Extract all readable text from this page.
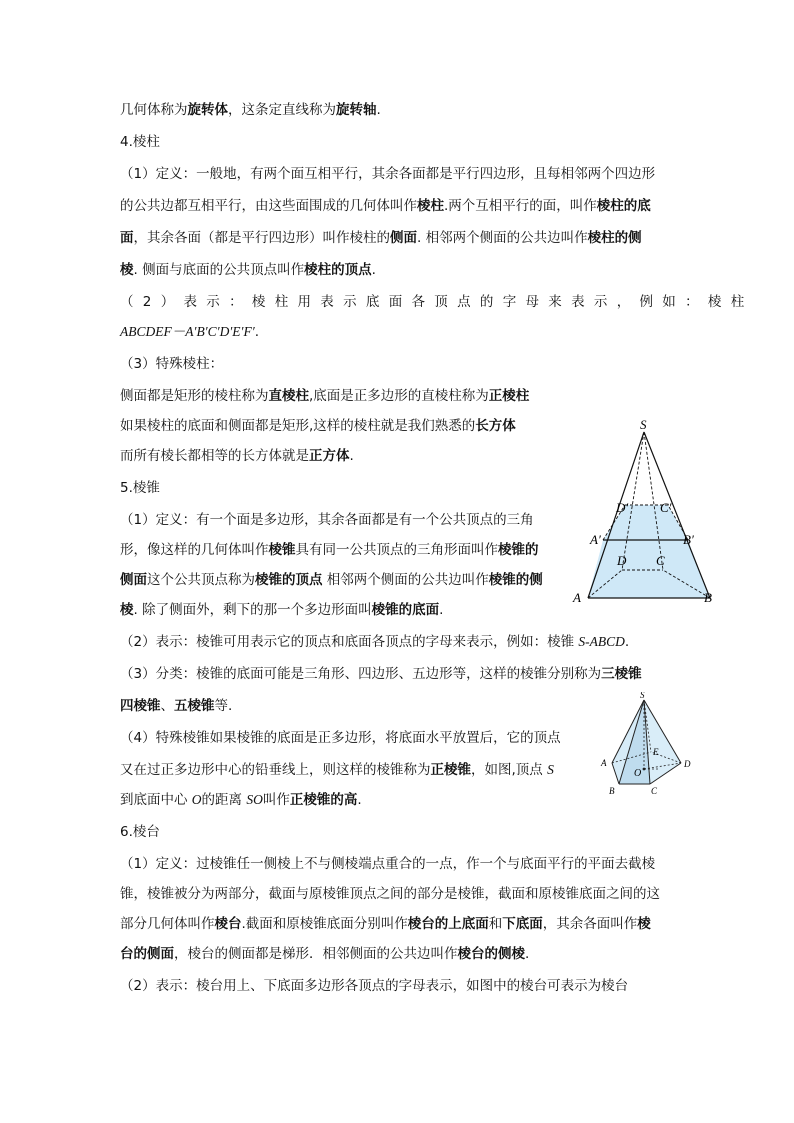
几何体称为旋转体，这条定直线称为旋转轴.
4.棱柱
（1）定义：一般地，有两个面互相平行，其余各面都是平行四边形，且每相邻两个四边形
的公共边都互相平行，由这些面围成的几何体叫作棱柱.两个互相平行的面，叫作棱柱的底
面，其余各面（都是平行四边形）叫作棱柱的侧面. 相邻两个侧面的公共边叫作棱柱的侧
棱. 侧面与底面的公共顶点叫作棱柱的顶点.
（2）表示：棱柱用表示底面各顶点的字母来表示，例如：棱柱
ABCDEF－A′B′C′D′E′F′.
（3）特殊棱柱：
侧面都是矩形的棱柱称为直棱柱,底面是正多边形的直棱柱称为正棱柱
如果棱柱的底面和侧面都是矩形,这样的棱柱就是我们熟悉的长方体
而所有棱长都相等的长方体就是正方体.
5.棱锥
（1）定义：有一个面是多边形，其余各面都是有一个公共顶点的三角
形，像这样的几何体叫作棱锥具有同一公共顶点的三角形面叫作棱锥的
侧面这个公共顶点称为棱锥的顶点 相邻两个侧面的公共边叫作棱锥的侧
棱. 除了侧面外，剩下的那一个多边形面叫棱锥的底面.
（2）表示：棱锥可用表示它的顶点和底面各顶点的字母来表示，例如：棱锥 S-ABCD.
（3）分类：棱锥的底面可能是三角形、四边形、五边形等，这样的棱锥分别称为三棱锥
四棱锥、五棱锥等.
（4）特殊棱锥如果棱锥的底面是正多边形，将底面水平放置后，它的顶点
又在过正多边形中心的铅垂线上，则这样的棱锥称为正棱锥，如图,顶点 S
到底面中心 O的距离 SO叫作正棱锥的高.
6.棱台
（1）定义：过棱锥任一侧棱上不与侧棱端点重合的一点，作一个与底面平行的平面去截棱
锥，棱锥被分为两部分，截面与原棱锥顶点之间的部分是棱锥，截面和原棱锥底面之间的这
部分几何体叫作棱台.截面和原棱锥底面分别叫作棱台的上底面和下底面，其余各面叫作棱
台的侧面，棱台的侧面都是梯形．相邻侧面的公共边叫作棱台的侧棱.
（2）表示：棱台用上、下底面多边形各顶点的字母表示，如图中的棱台可表示为棱台
S
D′ C′
A′	B′
D C
A	B
S
A
B	C
D
E
O
